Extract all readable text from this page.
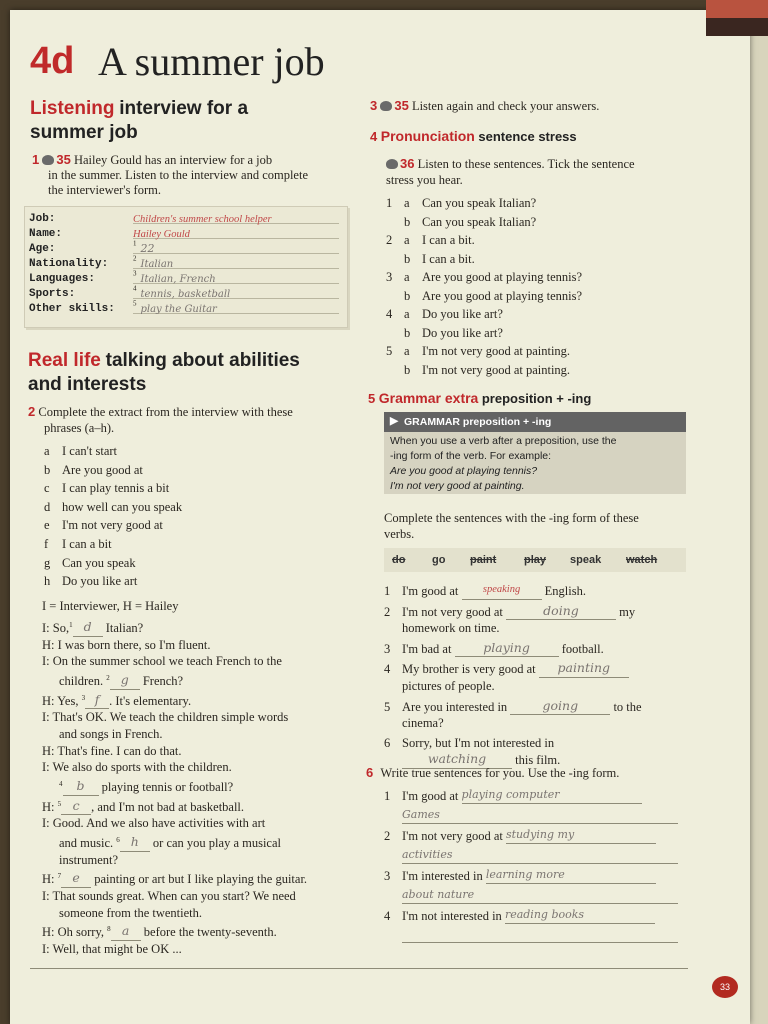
4d A summer job
Listening interview for a
summer job
1 35 Hailey Gould has an interview for a job
in the summer. Listen to the interview and complete
the interviewer's form.
Job:	Children's summer school helper
Name:	Hailey Gould
Age:	$^1$ 22
Nationality:	$^2$ Italian
Languages:	$^3$ Italian, French
Sports:	$^4$ tennis, basketball
Other skills:	$^5$ play the Guitar
Real life talking about abilities
and interests
2 Complete the extract from the interview with these
phrases (a–h).
a I can't start
b Are you good at
c I can play tennis a bit
d how well can you speak
e I'm not very good at
f I can a bit
g Can you speak
h Do you like art
I = Interviewer, H = Hailey
I: So,$^1$ d Italian?
H: I was born there, so I'm fluent.
I: On the summer school we teach French to the
children. $^2$ g French?
H: Yes, $^3$ f . It's elementary.
I: That's OK. We teach the children simple words
and songs in French.
H: That's fine. I can do that.
I: We also do sports with the children.
$^4$ b playing tennis or football?
H: $^5$ c , and I'm not bad at basketball.
I: Good. And we also have activities with art
and music. $^6$ h or can you play a musical
instrument?
H: $^7$ e painting or art but I like playing the guitar.
I: That sounds great. When can you start? We need
someone from the twentieth.
H: Oh sorry, $^8$ a before the twenty-seventh.
I: Well, that might be OK ...
3 35 Listen again and check your answers.
4 Pronunciation sentence stress
36 Listen to these sentences. Tick the sentence
stress you hear.
1 a Can you speak Italian?
b Can you speak Italian?
2 a I can a bit.
b I can a bit.
3 a Are you good at playing tennis?
b Are you good at playing tennis?
4 a Do you like art?
b Do you like art?
5 a I'm not very good at painting.
b I'm not very good at painting.
5 Grammar extra preposition + -ing
▶ GRAMMAR preposition + -ing
When you use a verb after a preposition, use the
-ing form of the verb. For example:
Are you good at playing tennis?
I'm not very good at painting.
Complete the sentences with the -ing form of these
verbs.
do go paint	play speak watch
1 I'm good at speaking English.
2 I'm not very good at	doing	my
homework on time.
3 I'm bad at	playing	football.
4 My brother is very good at painting
pictures of people.
5 Are you interested in	going	to the
cinema?
6 Sorry, but I'm not interested in
watching this film.
6 Write true sentences for you. Use the -ing form.
1 I'm good at playing computer
Games
2 I'm not very good at studying my
activities
3 I'm interested in learning more
about nature
4 I'm not interested in reading books
33
